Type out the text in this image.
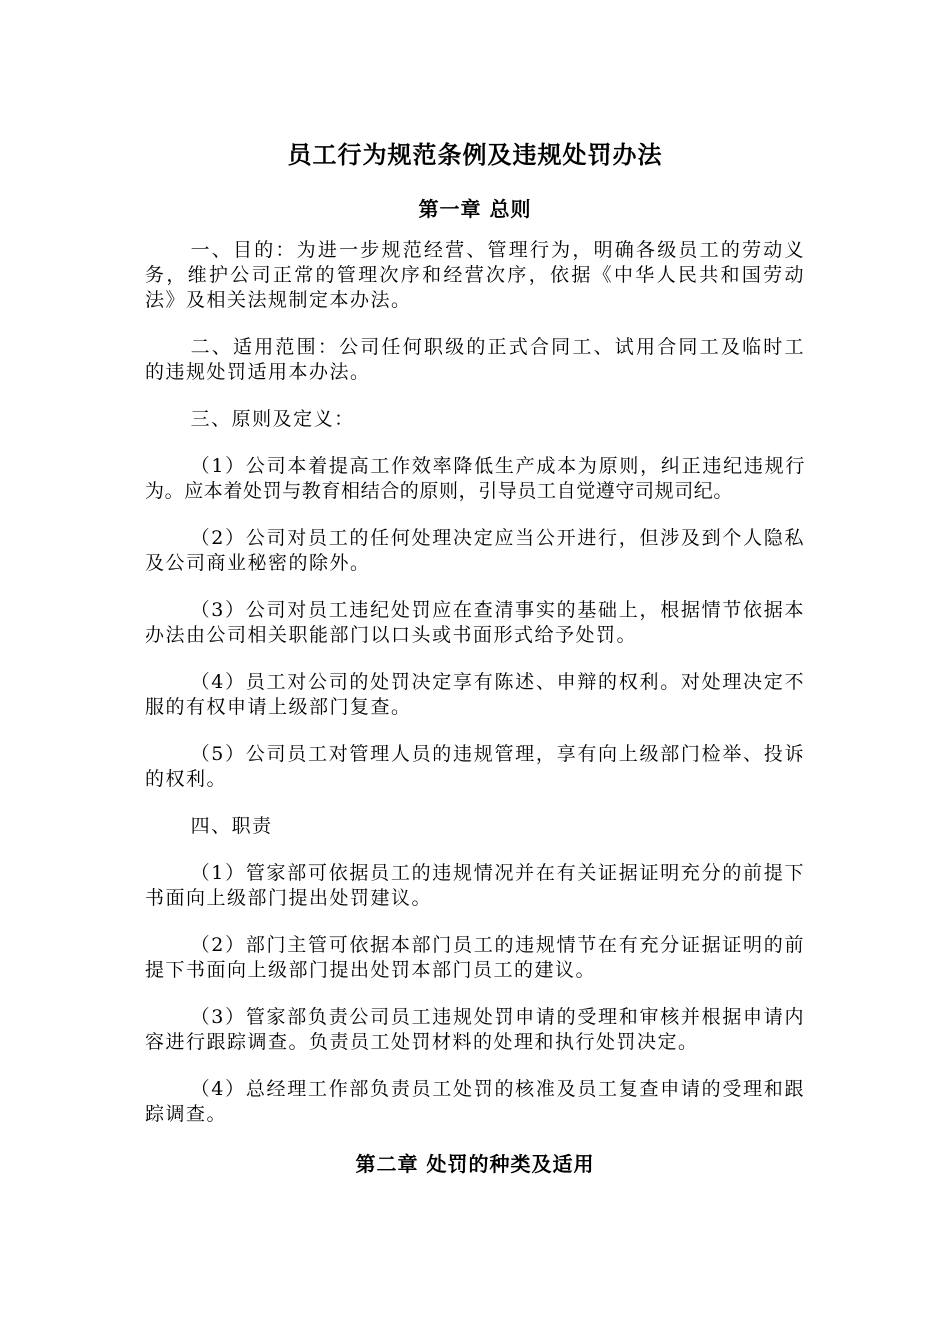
员工行为规范条例及违规处罚办法
第一章 总则

一、目的：为进一步规范经营、管理行为，明确各级员工的劳动义务，维护公司正常的管理次序和经营次序，依据《中华人民共和国劳动法》及相关法规制定本办法。

二、适用范围：公司任何职级的正式合同工、试用合同工及临时工的违规处罚适用本办法。

三、原则及定义：

（1）公司本着提高工作效率降低生产成本为原则，纠正违纪违规行为。应本着处罚与教育相结合的原则，引导员工自觉遵守司规司纪。

（2）公司对员工的任何处理决定应当公开进行，但涉及到个人隐私及公司商业秘密的除外。

（3）公司对员工违纪处罚应在查清事实的基础上，根据情节依据本办法由公司相关职能部门以口头或书面形式给予处罚。

（4）员工对公司的处罚决定享有陈述、申辩的权利。对处理决定不服的有权申请上级部门复查。

（5）公司员工对管理人员的违规管理，享有向上级部门检举、投诉的权利。

四、职责

（1）管家部可依据员工的违规情况并在有关证据证明充分的前提下书面向上级部门提出处罚建议。

（2）部门主管可依据本部门员工的违规情节在有充分证据证明的前提下书面向上级部门提出处罚本部门员工的建议。

（3）管家部负责公司员工违规处罚申请的受理和审核并根据申请内容进行跟踪调查。负责员工处罚材料的处理和执行处罚决定。

（4）总经理工作部负责员工处罚的核准及员工复查申请的受理和跟踪调查。

第二章 处罚的种类及适用
